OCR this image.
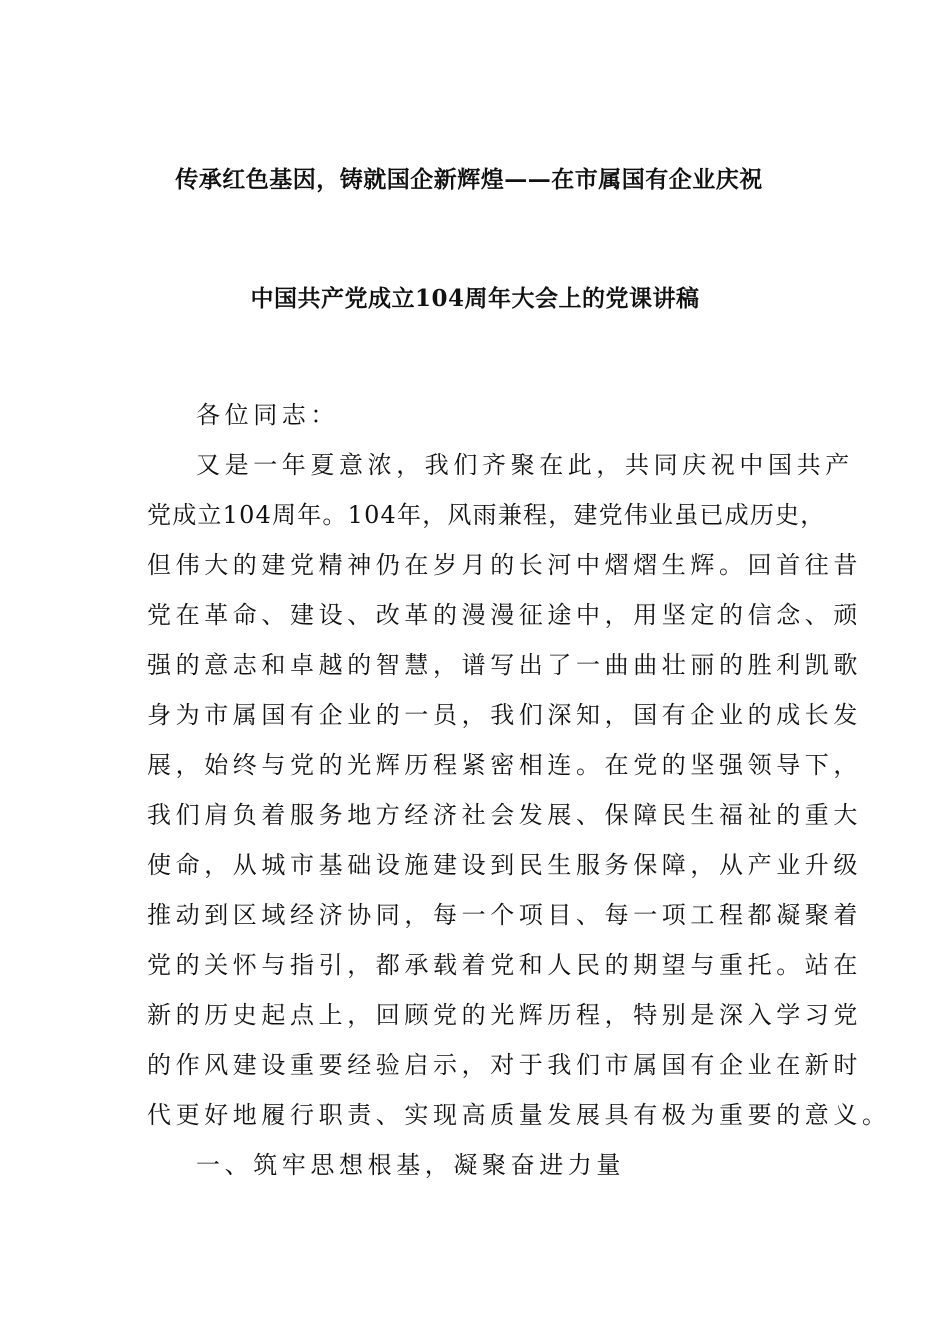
传承红色基因，铸就国企新辉煌——在市属国有企业庆祝
中国共产党成立104周年大会上的党课讲稿
各位同志：
又是一年夏意浓，我们齐聚在此，共同庆祝中国共产
党成立104周年。104年，风雨兼程，建党伟业虽已成历史，
但伟大的建党精神仍在岁月的长河中熠熠生辉。回首往昔
党在革命、建设、改革的漫漫征途中，用坚定的信念、顽
强的意志和卓越的智慧，谱写出了一曲曲壮丽的胜利凯歌
身为市属国有企业的一员，我们深知，国有企业的成长发
展，始终与党的光辉历程紧密相连。在党的坚强领导下，
我们肩负着服务地方经济社会发展、保障民生福祉的重大
使命，从城市基础设施建设到民生服务保障，从产业升级
推动到区域经济协同，每一个项目、每一项工程都凝聚着
党的关怀与指引，都承载着党和人民的期望与重托。站在
新的历史起点上，回顾党的光辉历程，特别是深入学习党
的作风建设重要经验启示，对于我们市属国有企业在新时
代更好地履行职责、实现高质量发展具有极为重要的意义。
一、筑牢思想根基，凝聚奋进力量
